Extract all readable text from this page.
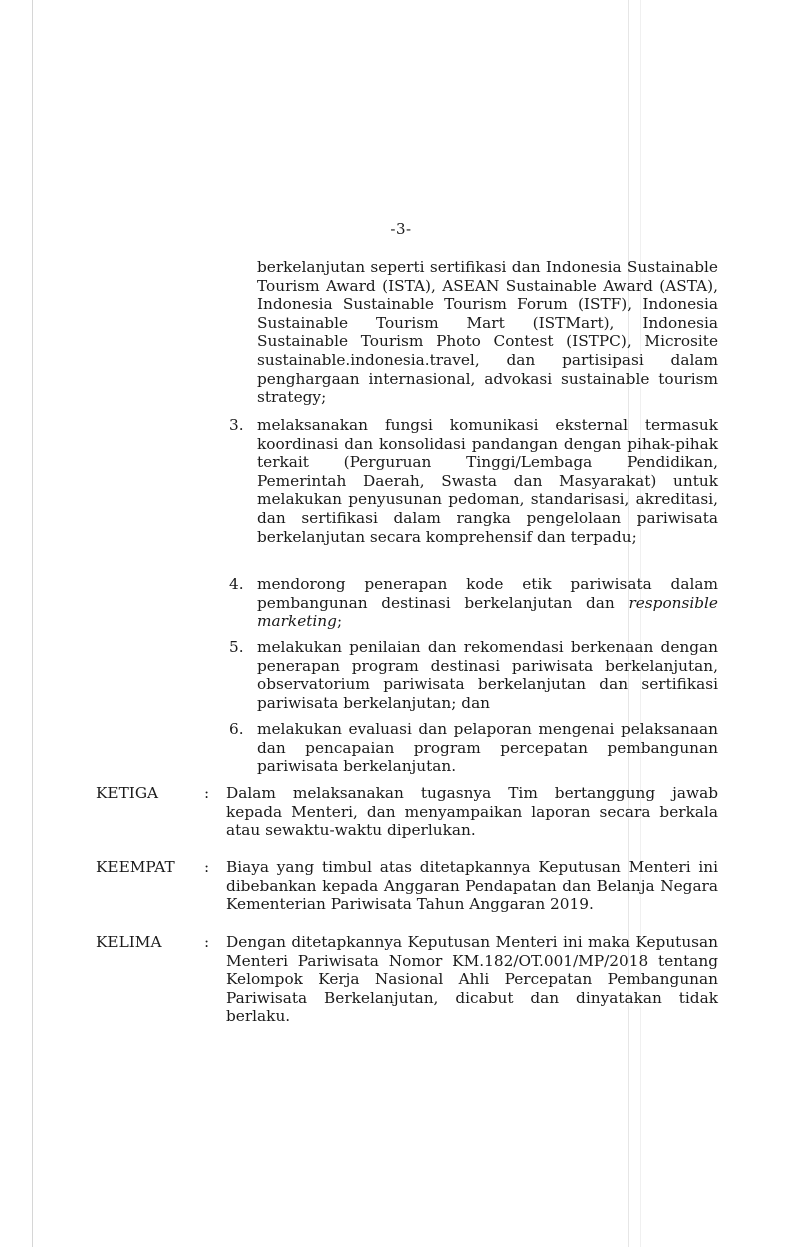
-3-
berkelanjutan seperti sertifikasi dan Indonesia Sustainable Tourism Award (ISTA), ASEAN Sustainable Award (ASTA), Indonesia Sustainable Tourism Forum (ISTF), Indonesia Sustainable Tourism Mart (ISTMart), Indonesia Sustainable Tourism Photo Contest (ISTPC), Microsite sustainable.indonesia.travel, dan partisipasi dalam penghargaan internasional, advokasi sustainable tourism strategy;
3. melaksanakan fungsi komunikasi eksternal termasuk koordinasi dan konsolidasi pandangan dengan pihak-pihak terkait (Perguruan Tinggi/Lembaga Pendidikan, Pemerintah Daerah, Swasta dan Masyarakat) untuk melakukan penyusunan pedoman, standarisasi, akreditasi, dan sertifikasi dalam rangka pengelolaan pariwisata berkelanjutan secara komprehensif dan terpadu;
4. mendorong penerapan kode etik pariwisata dalam pembangunan destinasi berkelanjutan dan responsible marketing;
5. melakukan penilaian dan rekomendasi berkenaan dengan penerapan program destinasi pariwisata berkelanjutan, observatorium pariwisata berkelanjutan dan sertifikasi pariwisata berkelanjutan; dan
6. melakukan evaluasi dan pelaporan mengenai pelaksanaan dan pencapaian program percepatan pembangunan pariwisata berkelanjutan.
KETIGA	: Dalam melaksanakan tugasnya Tim bertanggung jawab kepada Menteri, dan menyampaikan laporan secara berkala atau sewaktu-waktu diperlukan.
KEEMPAT	: Biaya yang timbul atas ditetapkannya Keputusan Menteri ini dibebankan kepada Anggaran Pendapatan dan Belanja Negara Kementerian Pariwisata Tahun Anggaran 2019.
KELIMA	: Dengan ditetapkannya Keputusan Menteri ini maka Keputusan Menteri Pariwisata Nomor KM.182/OT.001/MP/2018 tentang Kelompok Kerja Nasional Ahli Percepatan Pembangunan Pariwisata Berkelanjutan, dicabut dan dinyatakan tidak berlaku.
